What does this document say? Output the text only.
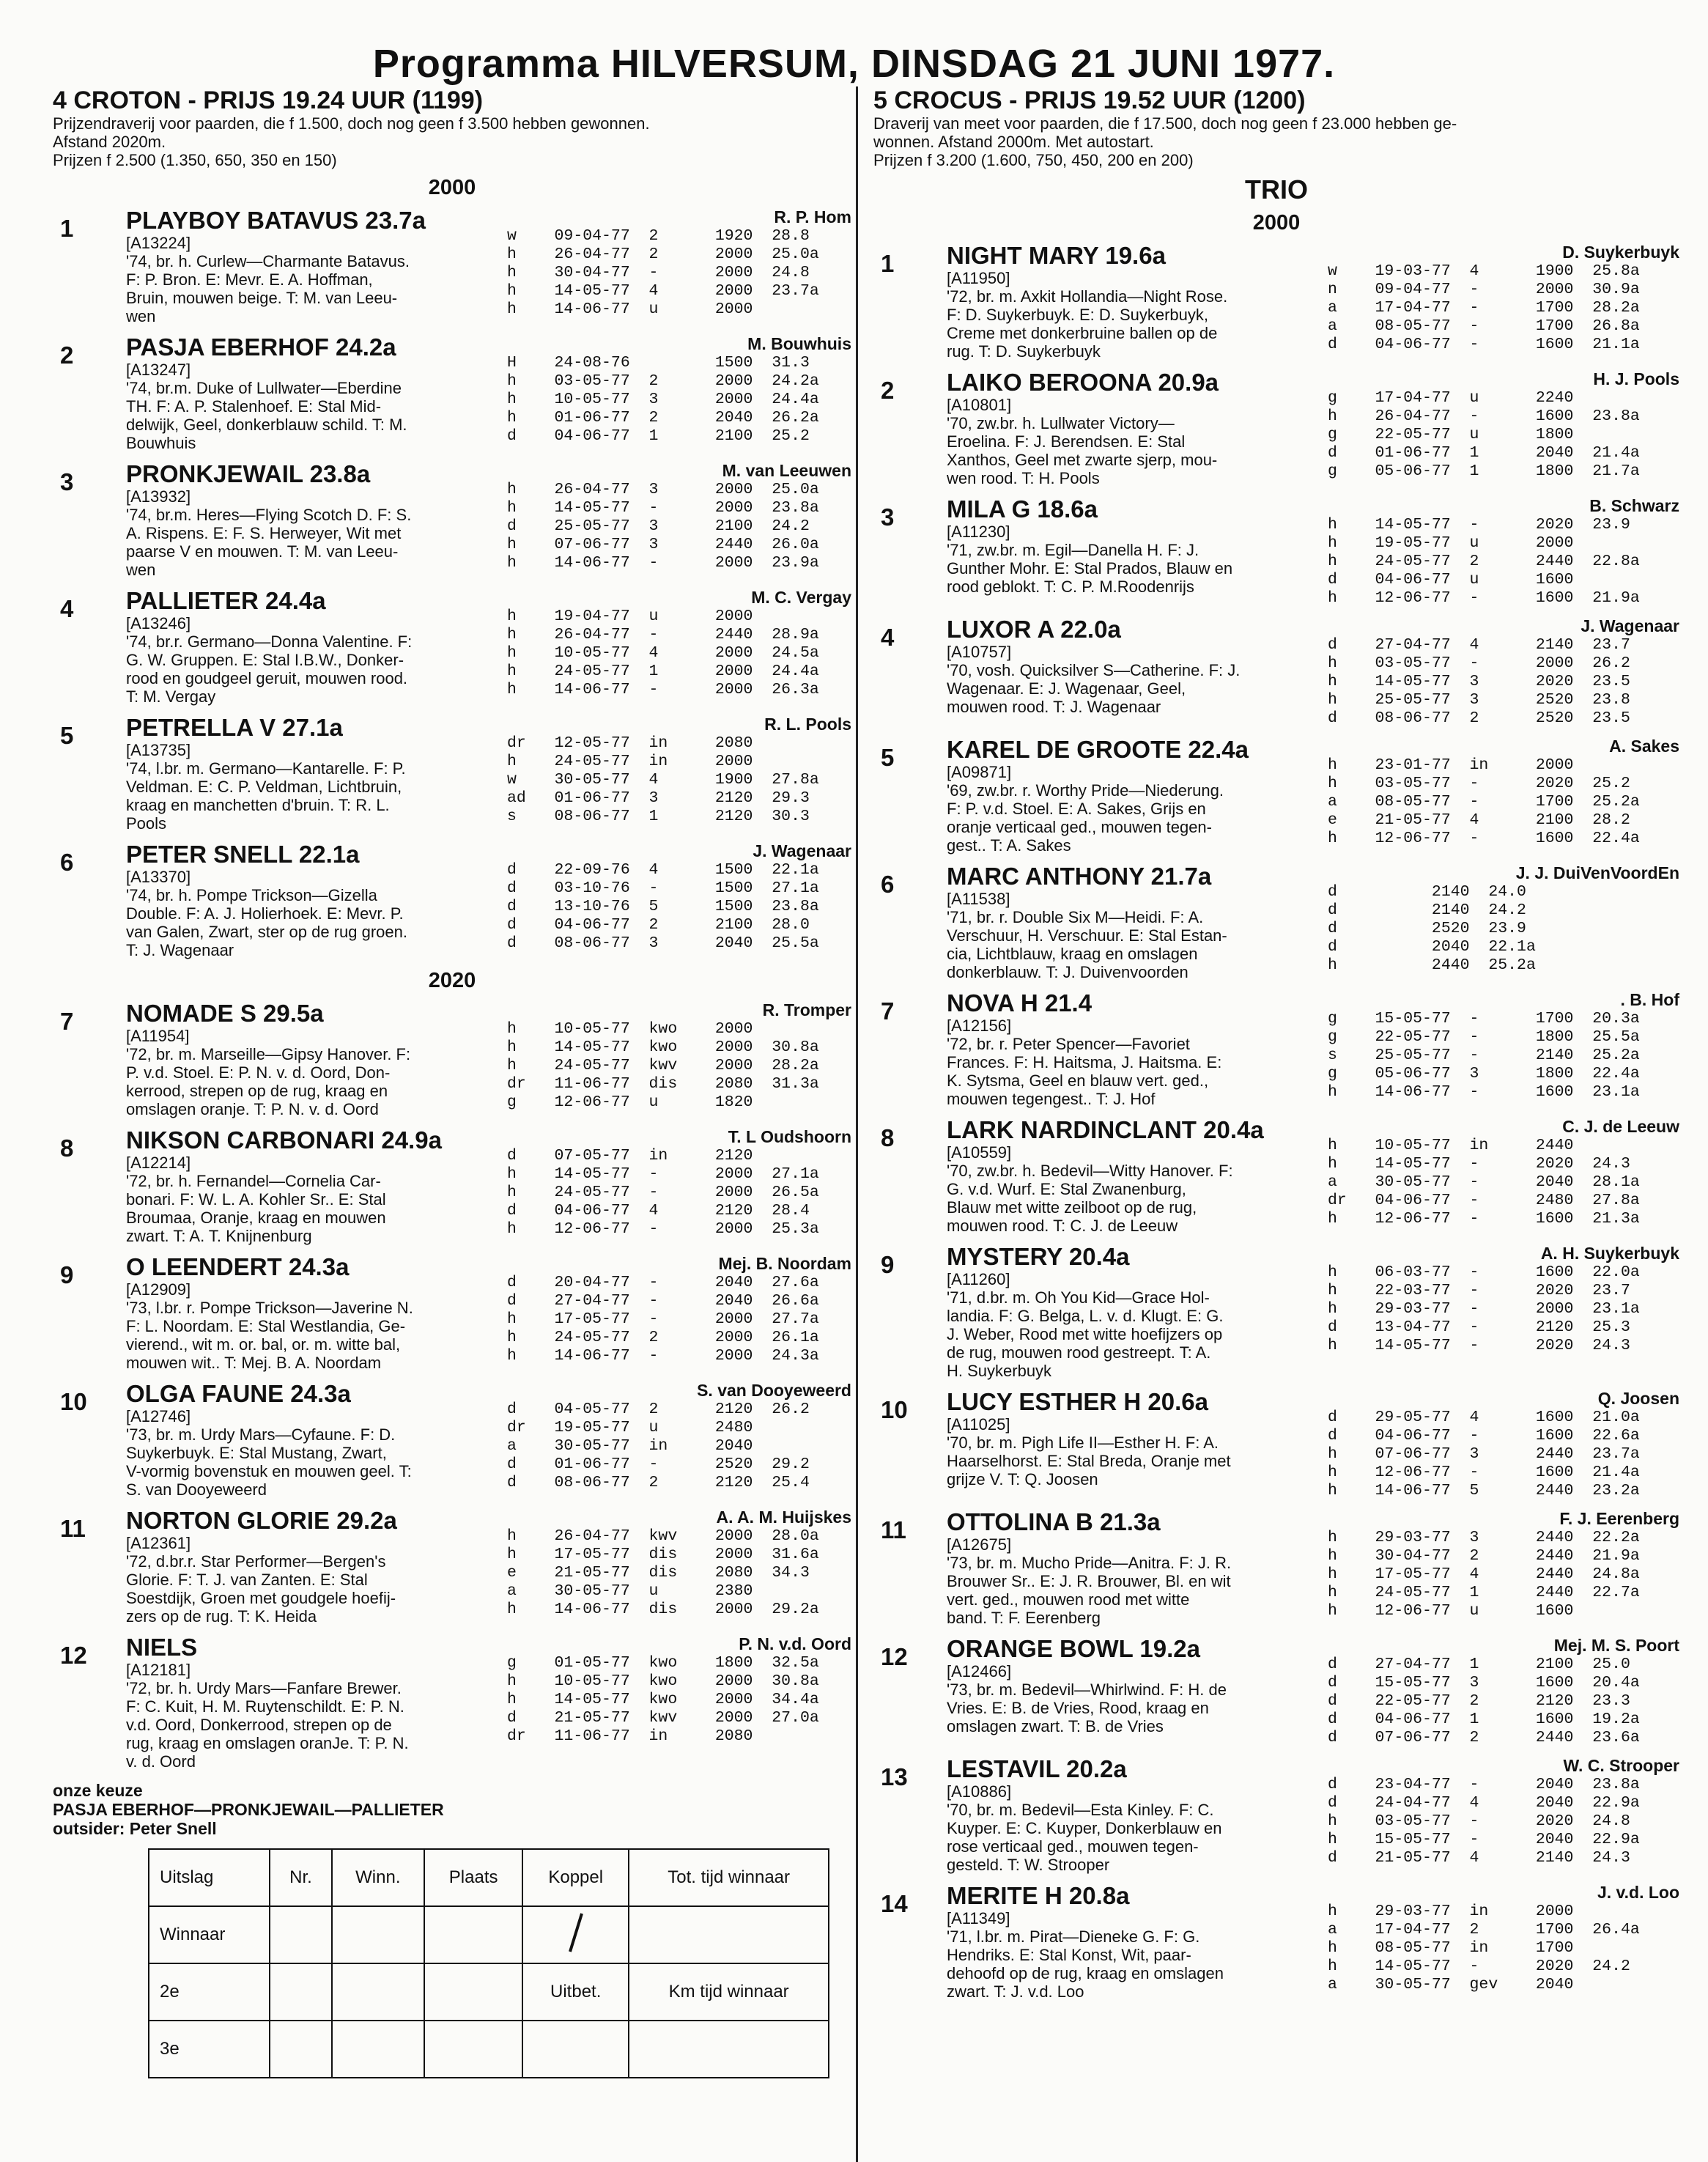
Programma HILVERSUM, DINSDAG 21 JUNI 1977.
4 CROTON - PRIJS 19.24 UUR (1199)
Prijzendraverij voor paarden, die f 1.500, doch nog geen f 3.500 hebben gewonnen.
Afstand 2020m.
Prijzen f 2.500 (1.350, 650, 350 en 150)
2000
1	PLAYBOY BATAVUS 23.7a
[A13224]
'74, br. h. Curlew—Charmante Batavus.
F: P. Bron. E: Mevr. E. A. Hoffman,
Bruin, mouwen beige. T: M. van Leeu-
wen
R. P. Hom
w    09-04-77  2      1920  28.8
h    26-04-77  2      2000  25.0a
h    30-04-77  -      2000  24.8
h    14-05-77  4      2000  23.7a
h    14-06-77  u      2000
2	PASJA EBERHOF 24.2a
[A13247]
'74, br.m. Duke of Lullwater—Eberdine
TH. F: A. P. Stalenhoef. E: Stal Mid-
delwijk, Geel, donkerblauw schild. T: M.
Bouwhuis
M. Bouwhuis
H    24-08-76         1500  31.3
h    03-05-77  2      2000  24.2a
h    10-05-77  3      2000  24.4a
h    01-06-77  2      2040  26.2a
d    04-06-77  1      2100  25.2
3	PRONKJEWAIL 23.8a
[A13932]
'74, br.m. Heres—Flying Scotch D. F: S.
A. Rispens. E: F. S. Herweyer, Wit met
paarse V en mouwen. T: M. van Leeu-
wen
M. van Leeuwen
h    26-04-77  3      2000  25.0a
h    14-05-77  -      2000  23.8a
d    25-05-77  3      2100  24.2
h    07-06-77  3      2440  26.0a
h    14-06-77  -      2000  23.9a
4	PALLIETER 24.4a
[A13246]
'74, br.r. Germano—Donna Valentine. F:
G. W. Gruppen. E: Stal I.B.W., Donker-
rood en goudgeel geruit, mouwen rood.
T: M. Vergay
M. C. Vergay
h    19-04-77  u      2000
h    26-04-77  -      2440  28.9a
h    10-05-77  4      2000  24.5a
h    24-05-77  1      2000  24.4a
h    14-06-77  -      2000  26.3a
5	PETRELLA V 27.1a
[A13735]
'74, l.br. m. Germano—Kantarelle. F: P.
Veldman. E: C. P. Veldman, Lichtbruin,
kraag en manchetten d'bruin. T: R. L.
Pools
R. L. Pools
dr   12-05-77  in     2080
h    24-05-77  in     2000
w    30-05-77  4      1900  27.8a
ad   01-06-77  3      2120  29.3
s    08-06-77  1      2120  30.3
6	PETER SNELL 22.1a
[A13370]
'74, br. h. Pompe Trickson—Gizella
Double. F: A. J. Holierhoek. E: Mevr. P.
van Galen, Zwart, ster op de rug groen.
T: J. Wagenaar
J. Wagenaar
d    22-09-76  4      1500  22.1a
d    03-10-76  -      1500  27.1a
d    13-10-76  5      1500  23.8a
d    04-06-77  2      2100  28.0
d    08-06-77  3      2040  25.5a
2020
7	NOMADE S 29.5a
[A11954]
'72, br. m. Marseille—Gipsy Hanover. F:
P. v.d. Stoel. E: P. N. v. d. Oord, Don-
kerrood, strepen op de rug, kraag en
omslagen oranje. T: P. N. v. d. Oord
R. Tromper
h    10-05-77  kwo    2000
h    14-05-77  kwo    2000  30.8a
h    24-05-77  kwv    2000  28.2a
dr   11-06-77  dis    2080  31.3a
g    12-06-77  u      1820
8	NIKSON CARBONARI 24.9a
[A12214]
'72, br. h. Fernandel—Cornelia Car-
bonari. F: W. L. A. Kohler Sr.. E: Stal
Broumaa, Oranje, kraag en mouwen
zwart. T: A. T. Knijnenburg
T. L Oudshoorn
d    07-05-77  in     2120
h    14-05-77  -      2000  27.1a
h    24-05-77  -      2000  26.5a
d    04-06-77  4      2120  28.4
h    12-06-77  -      2000  25.3a
9	O LEENDERT 24.3a
[A12909]
'73, l.br. r. Pompe Trickson—Javerine N.
F: L. Noordam. E: Stal Westlandia, Ge-
vierend., wit m. or. bal, or. m. witte bal,
mouwen wit.. T: Mej. B. A. Noordam
Mej. B. Noordam
d    20-04-77  -      2040  27.6a
d    27-04-77  -      2040  26.6a
h    17-05-77  -      2000  27.7a
h    24-05-77  2      2000  26.1a
h    14-06-77  -      2000  24.3a
10	OLGA FAUNE 24.3a
[A12746]
'73, br. m. Urdy Mars—Cyfaune. F: D.
Suykerbuyk. E: Stal Mustang, Zwart,
V-vormig bovenstuk en mouwen geel. T:
S. van Dooyeweerd
S. van Dooyeweerd
d    04-05-77  2      2120  26.2
dr   19-05-77  u      2480
a    30-05-77  in     2040
d    01-06-77  -      2520  29.2
d    08-06-77  2      2120  25.4
11	NORTON GLORIE 29.2a
[A12361]
'72, d.br.r. Star Performer—Bergen's
Glorie. F: T. J. van Zanten. E: Stal
Soestdijk, Groen met goudgele hoefij-
zers op de rug. T: K. Heida
A. A. M. Huijskes
h    26-04-77  kwv    2000  28.0a
h    17-05-77  dis    2000  31.6a
e    21-05-77  dis    2080  34.3
a    30-05-77  u      2380
h    14-06-77  dis    2000  29.2a
12	NIELS
[A12181]
'72, br. h. Urdy Mars—Fanfare Brewer.
F: C. Kuit, H. M. Ruytenschildt. E: P. N.
v.d. Oord, Donkerrood, strepen op de
rug, kraag en omslagen oranJe. T: P. N.
v. d. Oord
P. N. v.d. Oord
g    01-05-77  kwo    1800  32.5a
h    10-05-77  kwo    2000  30.8a
h    14-05-77  kwo    2000  34.4a
d    21-05-77  kwv    2000  27.0a
dr   11-06-77  in     2080
onze keuze
PASJA EBERHOF—PRONKJEWAIL—PALLIETER
outsider: Peter Snell
Uitslag	Nr.	Winn.	Plaats	Koppel	Tot. tijd winnaar
Winnaar					
2e				Uitbet.	Km tijd winnaar
3e					
5 CROCUS - PRIJS 19.52 UUR (1200)
Draverij van meet voor paarden, die f 17.500, doch nog geen f 23.000 hebben ge-
wonnen. Afstand 2000m. Met autostart.
Prijzen f 3.200 (1.600, 750, 450, 200 en 200)
TRIO
2000
1	NIGHT MARY 19.6a
[A11950]
'72, br. m. Axkit Hollandia—Night Rose.
F: D. Suykerbuyk. E: D. Suykerbuyk,
Creme met donkerbruine ballen op de
rug. T: D. Suykerbuyk
D. Suykerbuyk
w    19-03-77  4      1900  25.8a
n    09-04-77  -      2000  30.9a
a    17-04-77  -      1700  28.2a
a    08-05-77  -      1700  26.8a
d    04-06-77  -      1600  21.1a
2	LAIKO BEROONA 20.9a
[A10801]
'70, zw.br. h. Lullwater Victory—
Eroelina. F: J. Berendsen. E: Stal
Xanthos, Geel met zwarte sjerp, mou-
wen rood. T: H. Pools
H. J. Pools
g    17-04-77  u      2240
h    26-04-77  -      1600  23.8a
g    22-05-77  u      1800
d    01-06-77  1      2040  21.4a
g    05-06-77  1      1800  21.7a
3	MILA G 18.6a
[A11230]
'71, zw.br. m. Egil—Danella H. F: J.
Gunther Mohr. E: Stal Prados, Blauw en
rood geblokt. T: C. P. M.Roodenrijs
B. Schwarz
h    14-05-77  -      2020  23.9
h    19-05-77  u      2000
h    24-05-77  2      2440  22.8a
d    04-06-77  u      1600
h    12-06-77  -      1600  21.9a
4	LUXOR A 22.0a
[A10757]
'70, vosh. Quicksilver S—Catherine. F: J.
Wagenaar. E: J. Wagenaar, Geel,
mouwen rood. T: J. Wagenaar
J. Wagenaar
d    27-04-77  4      2140  23.7
h    03-05-77  -      2000  26.2
h    14-05-77  3      2020  23.5
h    25-05-77  3      2520  23.8
d    08-06-77  2      2520  23.5
5	KAREL DE GROOTE 22.4a
[A09871]
'69, zw.br. r. Worthy Pride—Niederung.
F: P. v.d. Stoel. E: A. Sakes, Grijs en
oranje verticaal ged., mouwen tegen-
gest.. T: A. Sakes
A. Sakes
h    23-01-77  in     2000
h    03-05-77  -      2020  25.2
a    08-05-77  -      1700  25.2a
e    21-05-77  4      2100  28.2
h    12-06-77  -      1600  22.4a
6	MARC ANTHONY 21.7a
[A11538]
'71, br. r. Double Six M—Heidi. F: A.
Verschuur, H. Verschuur. E: Stal Estan-
cia, Lichtblauw, kraag en omslagen
donkerblauw. T: J. Duivenvoorden
J. J. DuiVenVoordEn
d          2140  24.0
d          2140  24.2
d          2520  23.9
d          2040  22.1a
h          2440  25.2a
7	NOVA H 21.4
[A12156]
'72, br. r. Peter Spencer—Favoriet
Frances. F: H. Haitsma, J. Haitsma. E:
K. Sytsma, Geel en blauw vert. ged.,
mouwen tegengest.. T: J. Hof
. B. Hof
g    15-05-77  -      1700  20.3a
g    22-05-77  -      1800  25.5a
s    25-05-77  -      2140  25.2a
g    05-06-77  3      1800  22.4a
h    14-06-77  -      1600  23.1a
8	LARK NARDINCLANT 20.4a
[A10559]
'70, zw.br. h. Bedevil—Witty Hanover. F:
G. v.d. Wurf. E: Stal Zwanenburg,
Blauw met witte zeilboot op de rug,
mouwen rood. T: C. J. de Leeuw
C. J. de Leeuw
h    10-05-77  in     2440
h    14-05-77  -      2020  24.3
a    30-05-77  -      2040  28.1a
dr   04-06-77  -      2480  27.8a
h    12-06-77  -      1600  21.3a
9	MYSTERY 20.4a
[A11260]
'71, d.br. m. Oh You Kid—Grace Hol-
landia. F: G. Belga, L. v. d. Klugt. E: G.
J. Weber, Rood met witte hoefijzers op
de rug, mouwen rood gestreept. T: A.
H. Suykerbuyk
A. H. Suykerbuyk
h    06-03-77  -      1600  22.0a
h    22-03-77  -      2020  23.7
h    29-03-77  -      2000  23.1a
d    13-04-77  -      2120  25.3
h    14-05-77  -      2020  24.3
10	LUCY ESTHER H 20.6a
[A11025]
'70, br. m. Pigh Life II—Esther H. F: A.
Haarselhorst. E: Stal Breda, Oranje met
grijze V. T: Q. Joosen
Q. Joosen
d    29-05-77  4      1600  21.0a
d    04-06-77  -      1600  22.6a
h    07-06-77  3      2440  23.7a
h    12-06-77  -      1600  21.4a
h    14-06-77  5      2440  23.2a
11	OTTOLINA B 21.3a
[A12675]
'73, br. m. Mucho Pride—Anitra. F: J. R.
Brouwer Sr.. E: J. R. Brouwer, Bl. en wit
vert. ged., mouwen rood met witte
band. T: F. Eerenberg
F. J. Eerenberg
h    29-03-77  3      2440  22.2a
h    30-04-77  2      2440  21.9a
h    17-05-77  4      2440  24.8a
h    24-05-77  1      2440  22.7a
h    12-06-77  u      1600
12	ORANGE BOWL 19.2a
[A12466]
'73, br. m. Bedevil—Whirlwind. F: H. de
Vries. E: B. de Vries, Rood, kraag en
omslagen zwart. T: B. de Vries
Mej. M. S. Poort
d    27-04-77  1      2100  25.0
d    15-05-77  3      1600  20.4a
d    22-05-77  2      2120  23.3
d    04-06-77  1      1600  19.2a
d    07-06-77  2      2440  23.6a
13	LESTAVIL 20.2a
[A10886]
'70, br. m. Bedevil—Esta Kinley. F: C.
Kuyper. E: C. Kuyper, Donkerblauw en
rose verticaal ged., mouwen tegen-
gesteld. T: W. Strooper
W. C. Strooper
d    23-04-77  -      2040  23.8a
d    24-04-77  4      2040  22.9a
h    03-05-77  -      2020  24.8
h    15-05-77  -      2040  22.9a
d    21-05-77  4      2140  24.3
14	MERITE H 20.8a
[A11349]
'71, l.br. m. Pirat—Dieneke G. F: G.
Hendriks. E: Stal Konst, Wit, paar-
dehoofd op de rug, kraag en omslagen
zwart. T: J. v.d. Loo
J. v.d. Loo
h    29-03-77  in     2000
a    17-04-77  2      1700  26.4a
h    08-05-77  in     1700
h    14-05-77  -      2020  24.2
a    30-05-77  gev    2040
